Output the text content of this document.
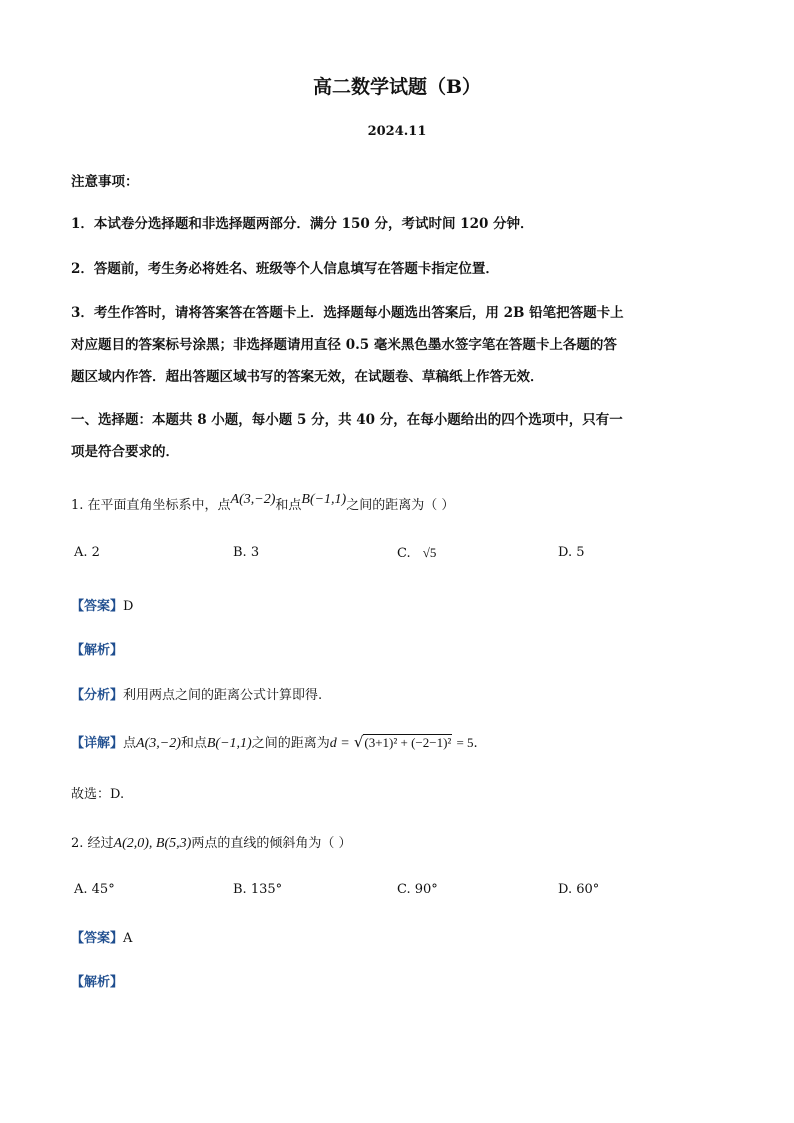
高二数学试题（B）
2024.11
注意事项：
1．本试卷分选择题和非选择题两部分．满分 150 分，考试时间 120 分钟．
2．答题前，考生务必将姓名、班级等个人信息填写在答题卡指定位置．
3．考生作答时，请将答案答在答题卡上．选择题每小题选出答案后，用 2B 铅笔把答题卡上
对应题目的答案标号涂黑；非选择题请用直径 0.5 毫米黑色墨水签字笔在答题卡上各题的答
题区域内作答．超出答题区域书写的答案无效，在试题卷、草稿纸上作答无效．
一、选择题：本题共 8 小题，每小题 5 分，共 40 分，在每小题给出的四个选项中，只有一
项是符合要求的．
1. 在平面直角坐标系中，点A(3,−2)和点B(−1,1)之间的距离为（ ）
A. 2	B. 3	C. √5	D. 5
【答案】D
【解析】
【分析】利用两点之间的距离公式计算即得.
【详解】点A(3,−2)和点B(−1,1)之间的距离为d = √(3+1)² + (−2−1)² = 5.
故选：D.
2. 经过A(2,0), B(5,3)两点的直线的倾斜角为（ ）
A. 45°	B. 135°	C. 90°	D. 60°
【答案】A
【解析】
